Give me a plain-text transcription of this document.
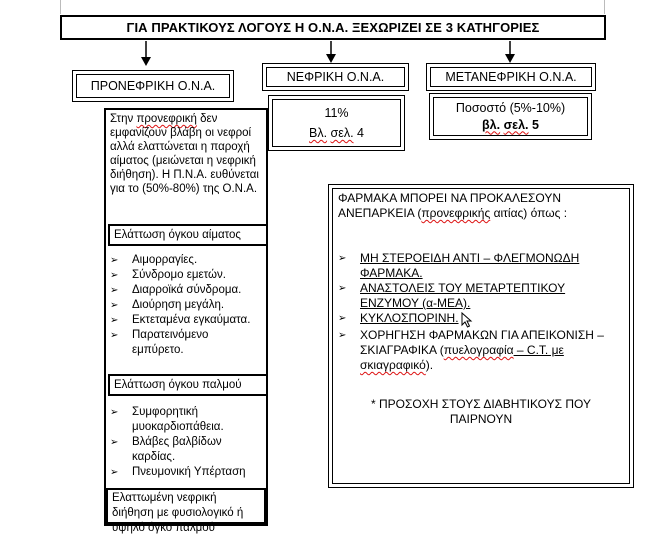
ΓΙΑ ΠΡΑΚΤΙΚΟΥΣ ΛΟΓΟΥΣ Η Ο.Ν.Α. ΞΕΧΩΡΙΖΕΙ ΣΕ 3 ΚΑΤΗΓΟΡΙΕΣ
ΠΡΟΝΕΦΡΙΚΗ Ο.Ν.Α.
ΝΕΦΡΙΚΗ Ο.Ν.Α.	ΜΕΤΑΝΕΦΡΙΚΗ Ο.Ν.Α.
11%
Βλ. σελ. 4
Ποσοστό (5%-10%)
βλ. σελ. 5
Στην προνεφρική δεν εμφανίζουν βλάβη οι νεφροί αλλά ελαττώνεται η παροχή αίματος (μειώνεται η νεφρική διήθηση). Η Π.Ν.Α. ευθύνεται για το (50%-80%) της Ο.Ν.Α.
Ελάττωση όγκου αίματος
➢	Αιμορραγίες.
➢	Σύνδρομο εμετών.
➢	Διαρροϊκά σύνδρομα.
➢	Διούρηση μεγάλη.
➢	Εκτεταμένα εγκαύματα.
➢	Παρατεινόμενο εμπύρετο.
Ελάττωση όγκου παλμού
➢	Συμφορητική μυοκαρδιοπάθεια.
➢	Βλάβες βαλβίδων καρδίας.
➢	Πνευμονική Υπέρταση
Ελαττωμένη νεφρική διήθηση με φυσιολογικό ή υψηλό όγκο παλμού
ΦΑΡΜΑΚΑ ΜΠΟΡΕΙ ΝΑ ΠΡΟΚΑΛΕΣΟΥΝ ΑΝΕΠΑΡΚΕΙΑ (προνεφρικής αιτίας) όπως :
➢	ΜΗ ΣΤΕΡΟΕΙΔΗ ΑΝΤΙ – ΦΛΕΓΜΟΝΩΔΗ ΦΑΡΜΑΚΑ.
➢	ΑΝΑΣΤΟΛΕΙΣ ΤΟΥ ΜΕΤΑΡΤΕΠΤΙΚΟΥ ΕΝΖΥΜΟΥ (α-ΜΕΑ).
➢	ΚΥΚΛΟΣΠΟΡΙΝΗ.
➢	ΧΟΡΗΓΗΣΗ ΦΑΡΜΑΚΩΝ ΓΙΑ ΑΠΕΙΚΟΝΙΣΗ – ΣΚΙΑΓΡΑΦΙΚΑ (πυελογραφία – C.T. με σκιαγραφικό).
* ΠΡΟΣΟΧΗ ΣΤΟΥΣ ΔΙΑΒΗΤΙΚΟΥΣ ΠΟΥ ΠΑΙΡΝΟΥΝ
